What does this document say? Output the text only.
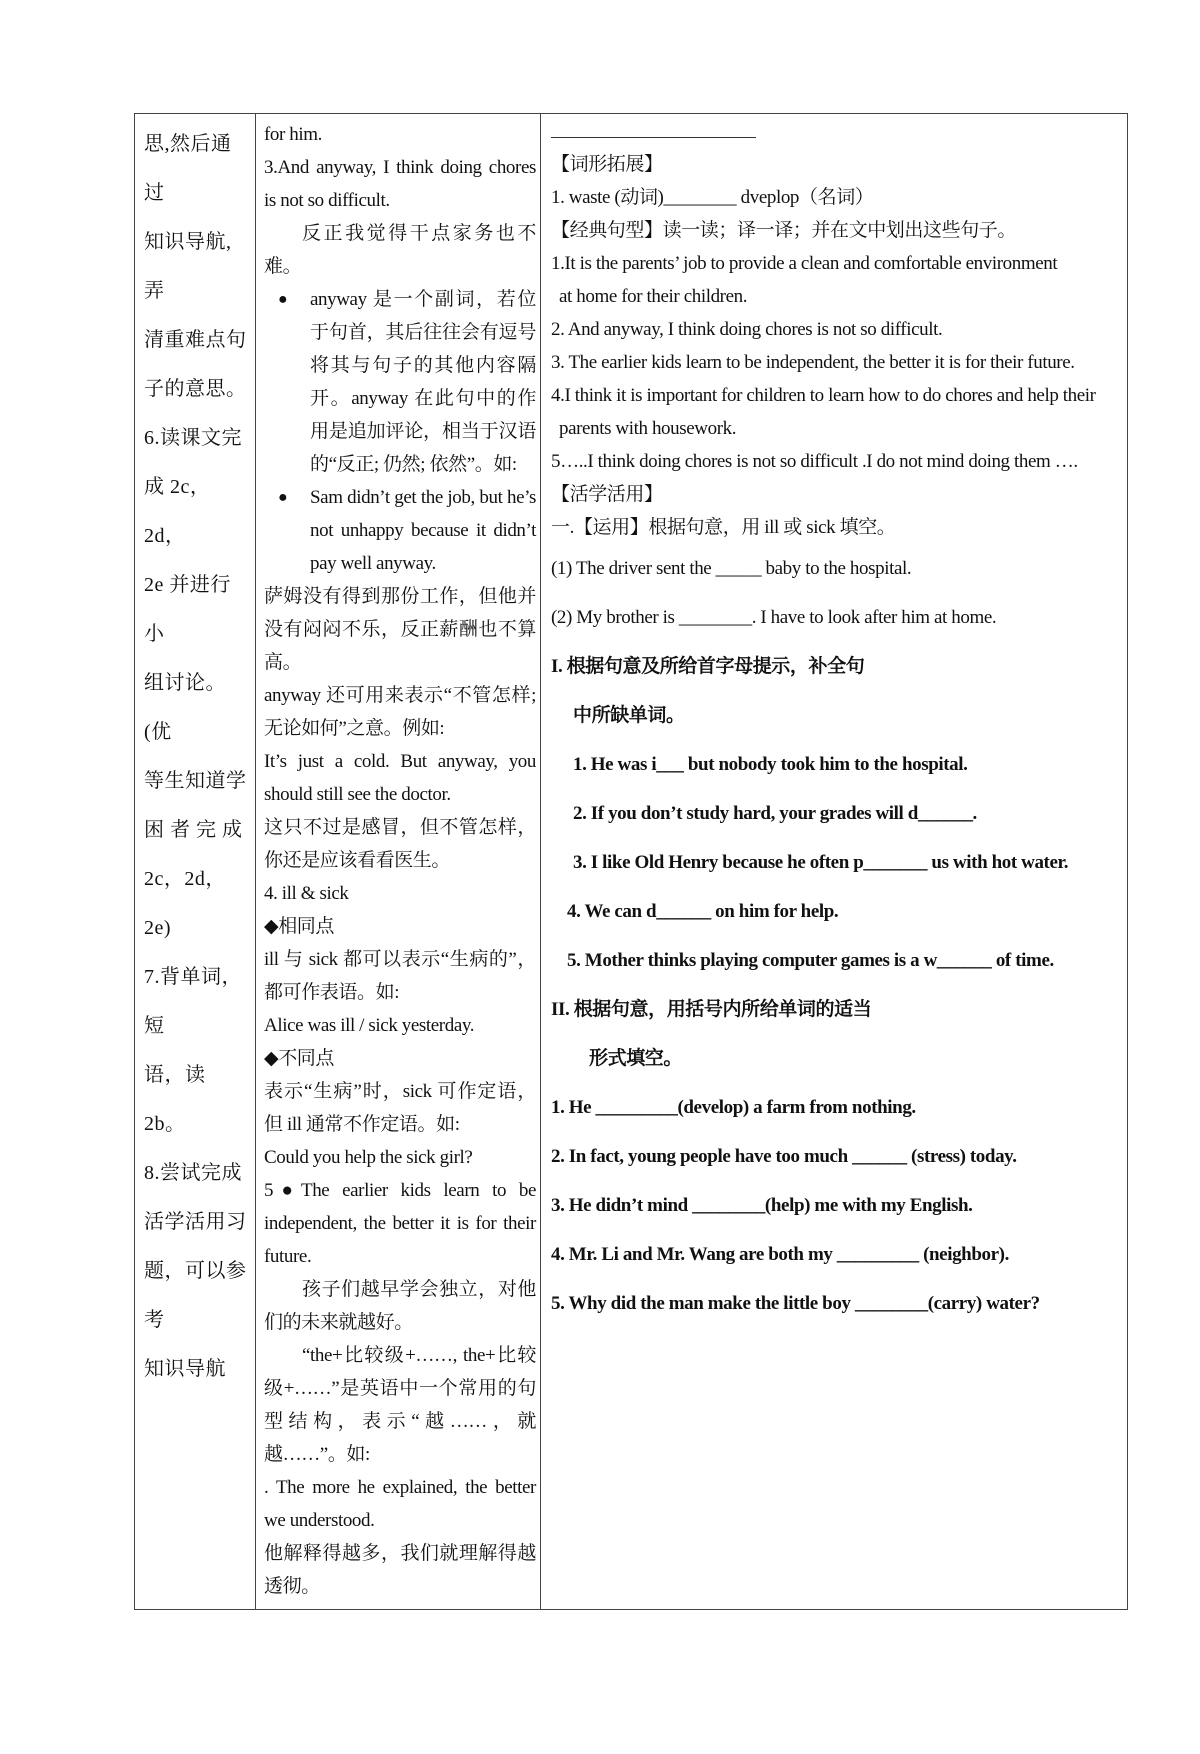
思,然后通过
知识导航,弄
清重难点句
子的意思。
6.读课文完
成 2c，2d，
2e 并进行小
组讨论。(优
等生知道学
困 者 完 成
2c，2d，2e)
7.背单词，短
语，读 2b。
8.尝试完成
活学活用习
题，可以参考
知识导航

for him.

3.And anyway, I think doing chores is not so difficult.

反正我觉得干点家务也不难。

●	anyway 是一个副词，若位于句首，其后往往会有逗号将其与句子的其他内容隔开。anyway 在此句中的作用是追加评论，相当于汉语的“反正; 仍然; 依然”。如:
●	Sam didn’t get the job, but he’s not unhappy because it didn’t pay well anyway.

萨姆没有得到那份工作，但他并没有闷闷不乐，反正薪酬也不算高。

anyway 还可用来表示“不管怎样;无论如何”之意。例如:

It’s just a cold. But anyway, you should still see the doctor.

这只不过是感冒，但不管怎样，你还是应该看看医生。

4. ill & sick

◆相同点

ill 与 sick 都可以表示“生病的”，都可作表语。如:

Alice was ill / sick yesterday.

◆不同点

表示“生病”时，sick 可作定语，但 ill 通常不作定语。如:

Could you help the sick girl?

5●The earlier kids learn to be independent, the better it is for their future.

孩子们越早学会独立，对他们的未来就越好。

“the+比较级+……, the+比较级+……”是英语中一个常用的句型结构，表示“越……，就越……”。如:

. The more he explained, the better we understood.

他解释得越多，我们就理解得越透彻。

【词形拓展】

1. waste (动词)________ dveplop（名词）

【经典句型】读一读；译一译；并在文中划出这些句子。

1.It is the parents’ job to provide a clean and comfortable environment

at home for their children.

2. And anyway, I think doing chores is not so difficult.

3. The earlier kids learn to be independent, the better it is for their future.

4.I think it is important for children to learn how to do chores and help their

parents with housework.

5…..I think doing chores is not so difficult .I do not mind doing them ….

【活学活用】

一.【运用】根据句意，用 ill 或 sick 填空。

(1) The driver sent the _____ baby to the hospital.

(2) My brother is ________. I have to look after him at home.

I. 根据句意及所给首字母提示，补全句

中所缺单词。

1. He was i___ but nobody took him to the hospital.

2. If you don’t study hard, your grades will d______.

3. I like Old Henry because he often p_______ us with hot water.

4. We can d______ on him for help.

5. Mother thinks playing computer games is a w______ of time.

II. 根据句意，用括号内所给单词的适当

形式填空。

1. He _________(develop) a farm from nothing.

2. In fact, young people have too much ______ (stress) today.

3. He didn’t mind ________(help) me with my English.

4. Mr. Li and Mr. Wang are both my _________ (neighbor).

5. Why did the man make the little boy ________(carry) water?
